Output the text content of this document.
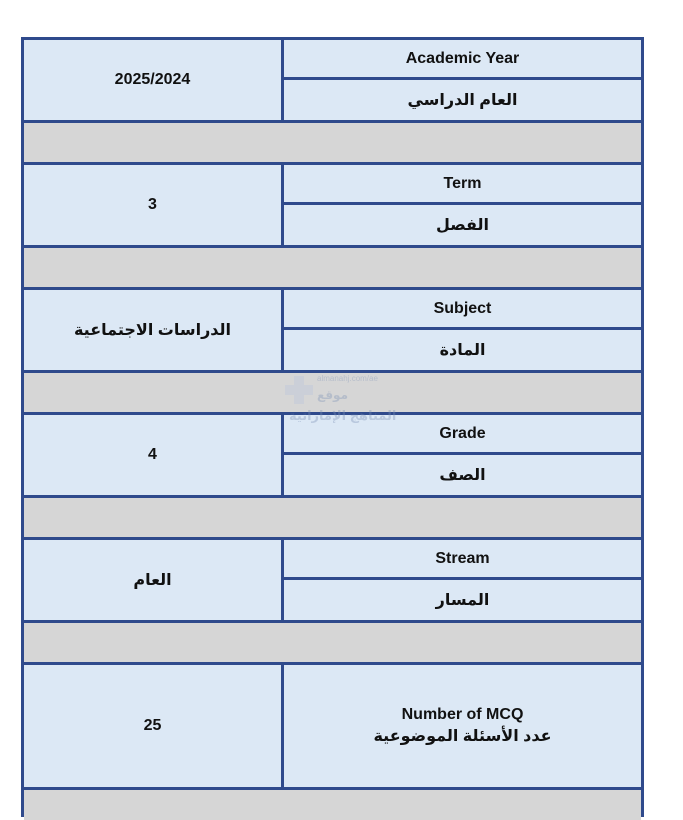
2025/2024
Academic Year
العام الدراسي
3
Term
الفصل
الدراسات الاجتماعية
Subject
المادة
4
Grade
الصف
العام
Stream
المسار
25
Number of MCQ
عدد الأسئلة الموضوعية
almanahj.com/ae
موقع
المناهج الإماراتية
